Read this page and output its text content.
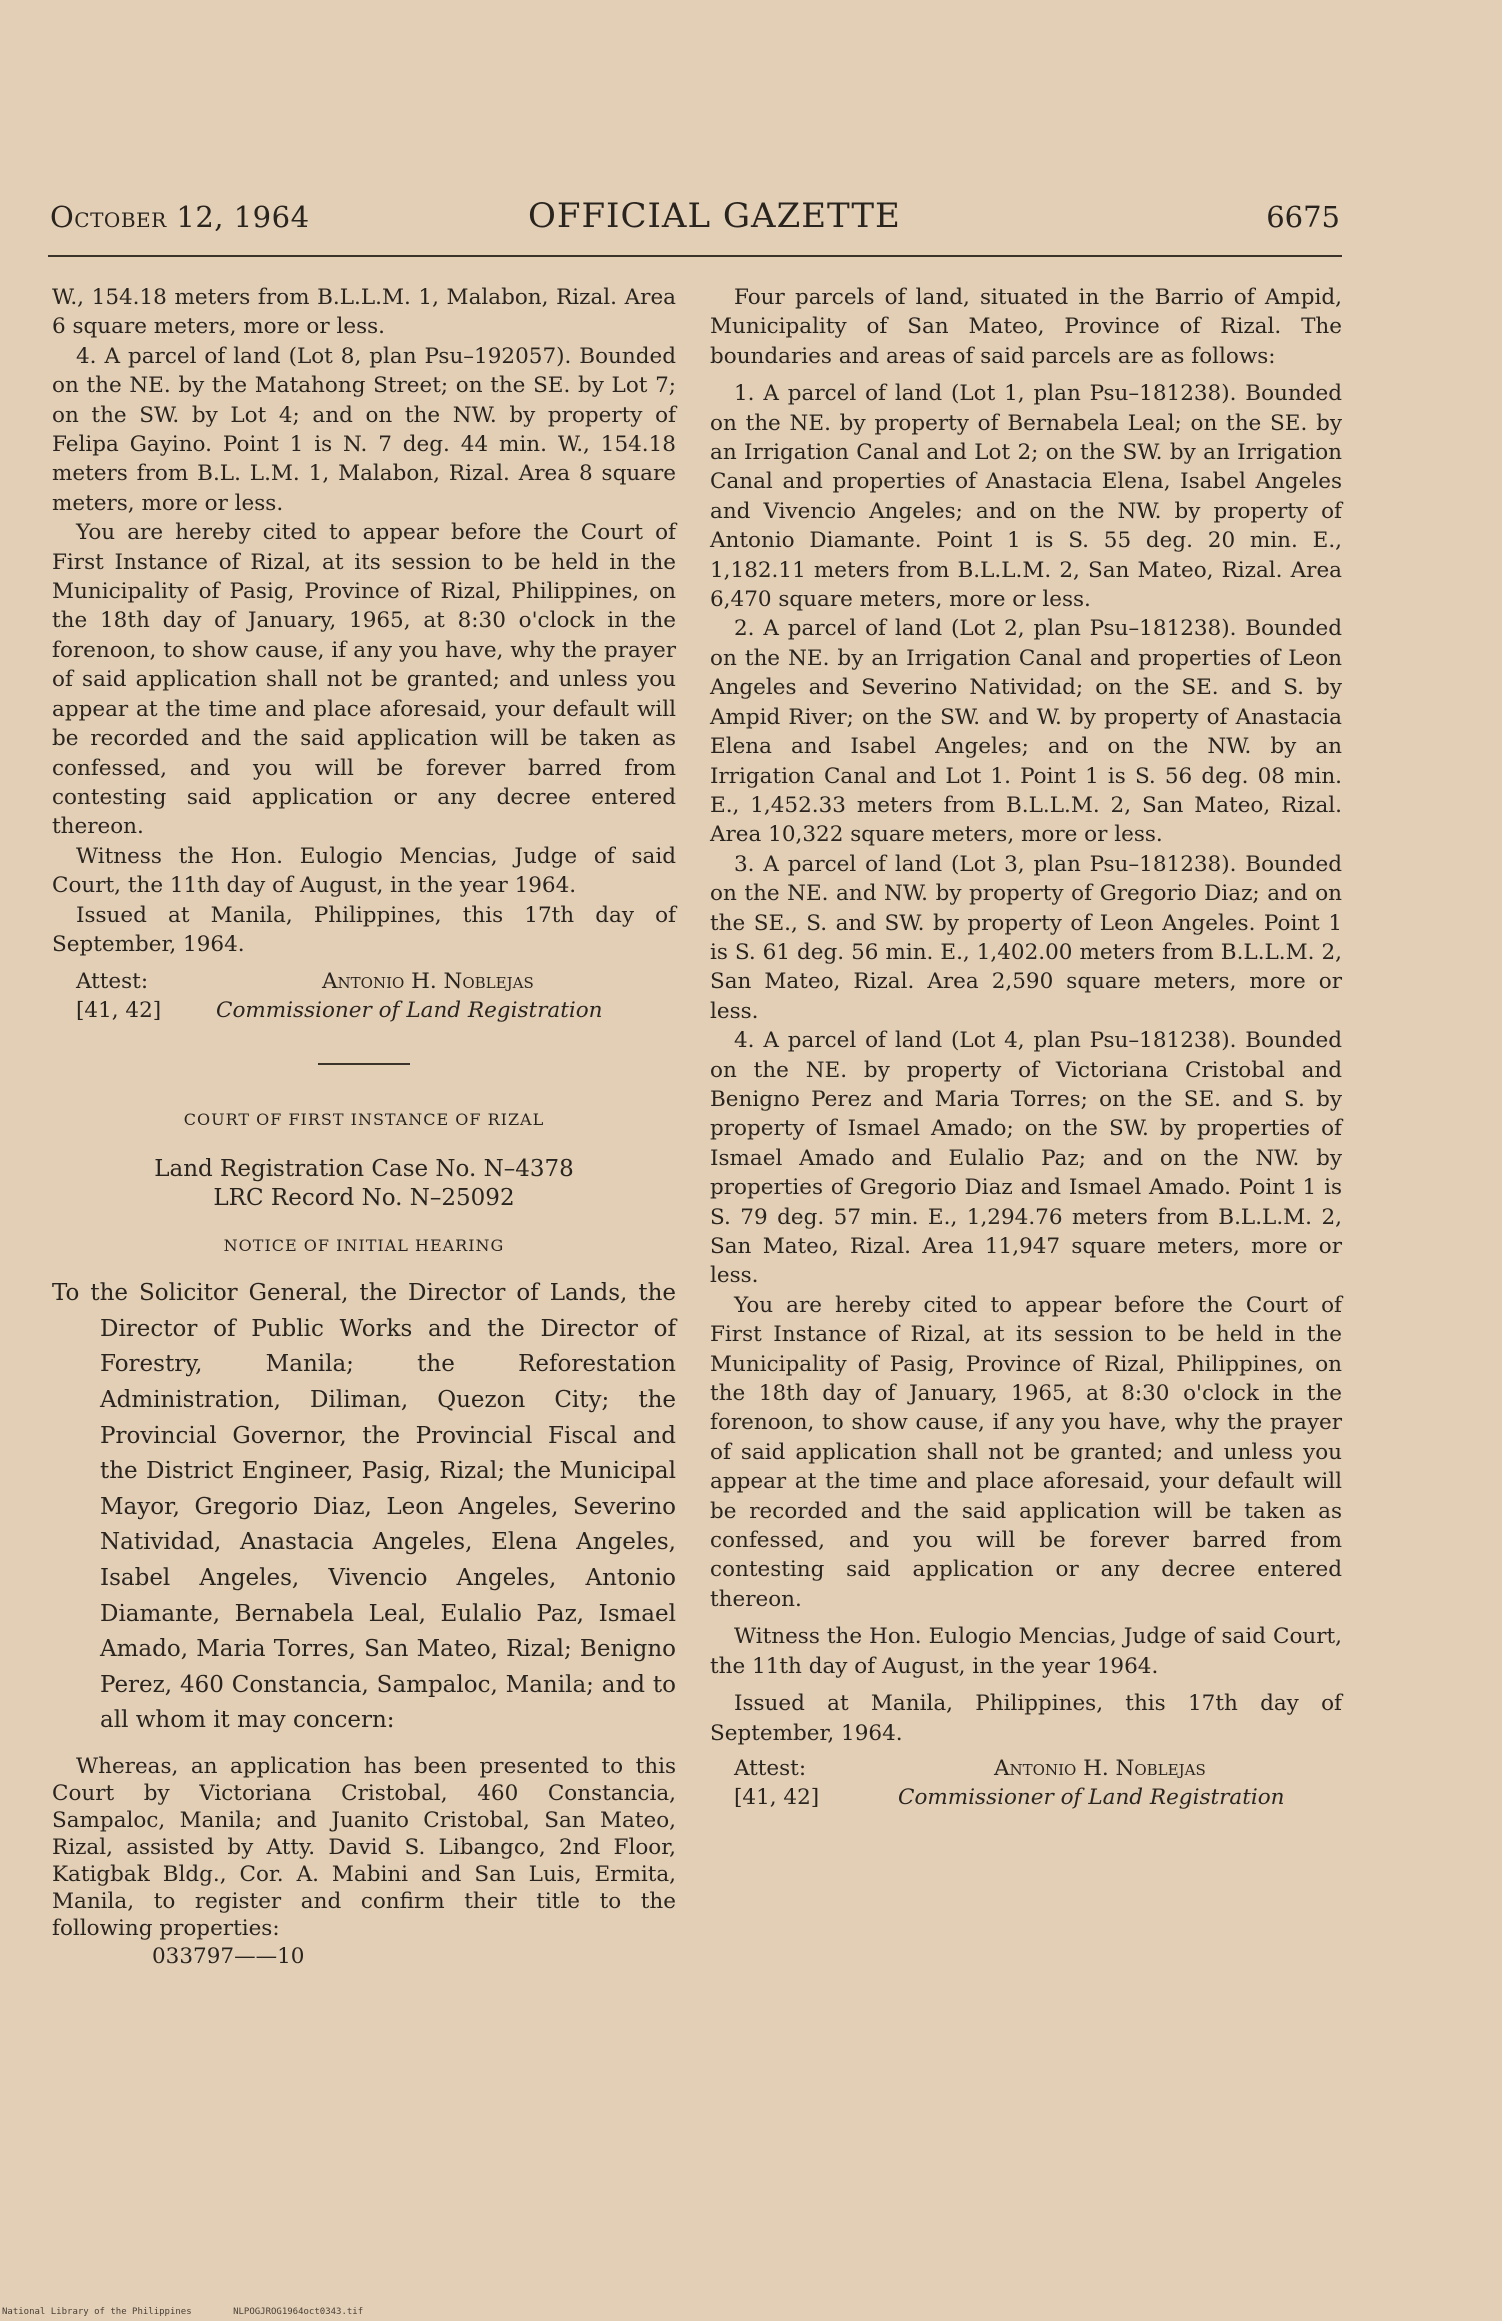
October 12, 1964	OFFICIAL GAZETTE	6675

W., 154.18 meters from B.L.L.M. 1, Malabon, Rizal. Area 6 square meters, more or less.

4. A parcel of land (Lot 8, plan Psu–192057). Bounded on the NE. by the Matahong Street; on the SE. by Lot 7; on the SW. by Lot 4; and on the NW. by property of Felipa Gayino. Point 1 is N. 7 deg. 44 min. W., 154.18 meters from B.L. L.M. 1, Malabon, Rizal. Area 8 square meters, more or less.

You are hereby cited to appear before the Court of First Instance of Rizal, at its session to be held in the Municipality of Pasig, Province of Rizal, Philippines, on the 18th day of January, 1965, at 8:30 o'clock in the forenoon, to show cause, if any you have, why the prayer of said application shall not be granted; and unless you appear at the time and place aforesaid, your default will be recorded and the said application will be taken as confessed, and you will be forever barred from contesting said application or any decree entered thereon.

Witness the Hon. Eulogio Mencias, Judge of said Court, the 11th day of August, in the year 1964.

Issued at Manila, Philippines, this 17th day of September, 1964.

Attest:	Antonio H. Noblejas
[41, 42]	Commissioner of Land Registration
COURT OF FIRST INSTANCE OF RIZAL
Land Registration Case No. N–4378
LRC Record No. N–25092
NOTICE OF INITIAL HEARING

To the Solicitor General, the Director of Lands, the Director of Public Works and the Director of Forestry, Manila; the Reforestation Administration, Diliman, Quezon City; the Provincial Governor, the Provincial Fiscal and the District Engineer, Pasig, Rizal; the Municipal Mayor, Gregorio Diaz, Leon Angeles, Severino Natividad, Anastacia Angeles, Elena Angeles, Isabel Angeles, Vivencio Angeles, Antonio Diamante, Bernabela Leal, Eulalio Paz, Ismael Amado, Maria Torres, San Mateo, Rizal; Benigno Perez, 460 Constancia, Sampaloc, Manila; and to all whom it may concern:

Whereas, an application has been presented to this Court by Victoriana Cristobal, 460 Constancia, Sampaloc, Manila; and Juanito Cristobal, San Mateo, Rizal, assisted by Atty. David S. Libangco, 2nd Floor, Katigbak Bldg., Cor. A. Mabini and San Luis, Ermita, Manila, to register and confirm their title to the following properties:

033797——10

Four parcels of land, situated in the Barrio of Ampid, Municipality of San Mateo, Province of Rizal. The boundaries and areas of said parcels are as follows:

1. A parcel of land (Lot 1, plan Psu–181238). Bounded on the NE. by property of Bernabela Leal; on the SE. by an Irrigation Canal and Lot 2; on the SW. by an Irrigation Canal and properties of Anastacia Elena, Isabel Angeles and Vivencio Angeles; and on the NW. by property of Antonio Diamante. Point 1 is S. 55 deg. 20 min. E., 1,182.11 meters from B.L.L.M. 2, San Mateo, Rizal. Area 6,470 square meters, more or less.

2. A parcel of land (Lot 2, plan Psu–181238). Bounded on the NE. by an Irrigation Canal and properties of Leon Angeles and Severino Natividad; on the SE. and S. by Ampid River; on the SW. and W. by property of Anastacia Elena and Isabel Angeles; and on the NW. by an Irrigation Canal and Lot 1. Point 1 is S. 56 deg. 08 min. E., 1,452.33 meters from B.L.L.M. 2, San Mateo, Rizal. Area 10,322 square meters, more or less.

3. A parcel of land (Lot 3, plan Psu–181238). Bounded on the NE. and NW. by property of Gregorio Diaz; and on the SE., S. and SW. by property of Leon Angeles. Point 1 is S. 61 deg. 56 min. E., 1,402.00 meters from B.L.L.M. 2, San Mateo, Rizal. Area 2,590 square meters, more or less.

4. A parcel of land (Lot 4, plan Psu–181238). Bounded on the NE. by property of Victoriana Cristobal and Benigno Perez and Maria Torres; on the SE. and S. by property of Ismael Amado; on the SW. by properties of Ismael Amado and Eulalio Paz; and on the NW. by properties of Gregorio Diaz and Ismael Amado. Point 1 is S. 79 deg. 57 min. E., 1,294.76 meters from B.L.L.M. 2, San Mateo, Rizal. Area 11,947 square meters, more or less.

You are hereby cited to appear before the Court of First Instance of Rizal, at its session to be held in the Municipality of Pasig, Province of Rizal, Philippines, on the 18th day of January, 1965, at 8:30 o'clock in the forenoon, to show cause, if any you have, why the prayer of said application shall not be granted; and unless you appear at the time and place aforesaid, your default will be recorded and the said application will be taken as confessed, and you will be forever barred from contesting said application or any decree entered thereon.

Witness the Hon. Eulogio Mencias, Judge of said Court, the 11th day of August, in the year 1964.

Issued at Manila, Philippines, this 17th day of September, 1964.

Attest:	Antonio H. Noblejas
[41, 42]	Commissioner of Land Registration
National Library of the Philippines	NLPOGJROG1964oct0343.tif
